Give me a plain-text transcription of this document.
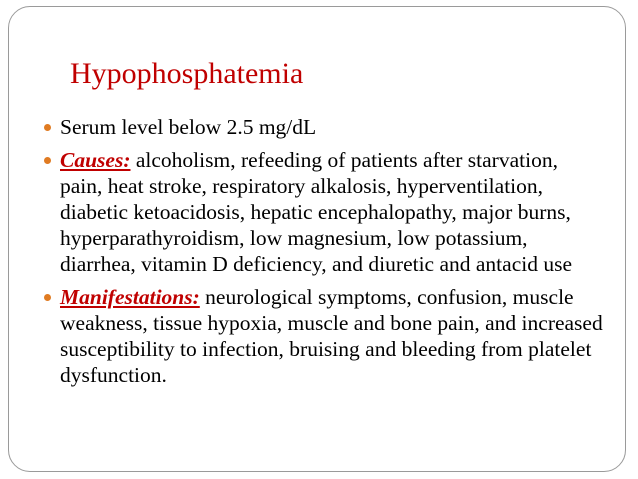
Hypophosphatemia
Serum level below 2.5 mg/dL
Causes: alcoholism, refeeding of patients after starvation, pain, heat stroke, respiratory alkalosis, hyperventilation, diabetic ketoacidosis, hepatic encephalopathy, major burns, hyperparathyroidism, low magnesium, low potassium, diarrhea, vitamin D deficiency, and diuretic and antacid use
Manifestations: neurological symptoms, confusion, muscle weakness, tissue hypoxia, muscle and bone pain, and increased susceptibility to infection, bruising and bleeding from platelet dysfunction.
